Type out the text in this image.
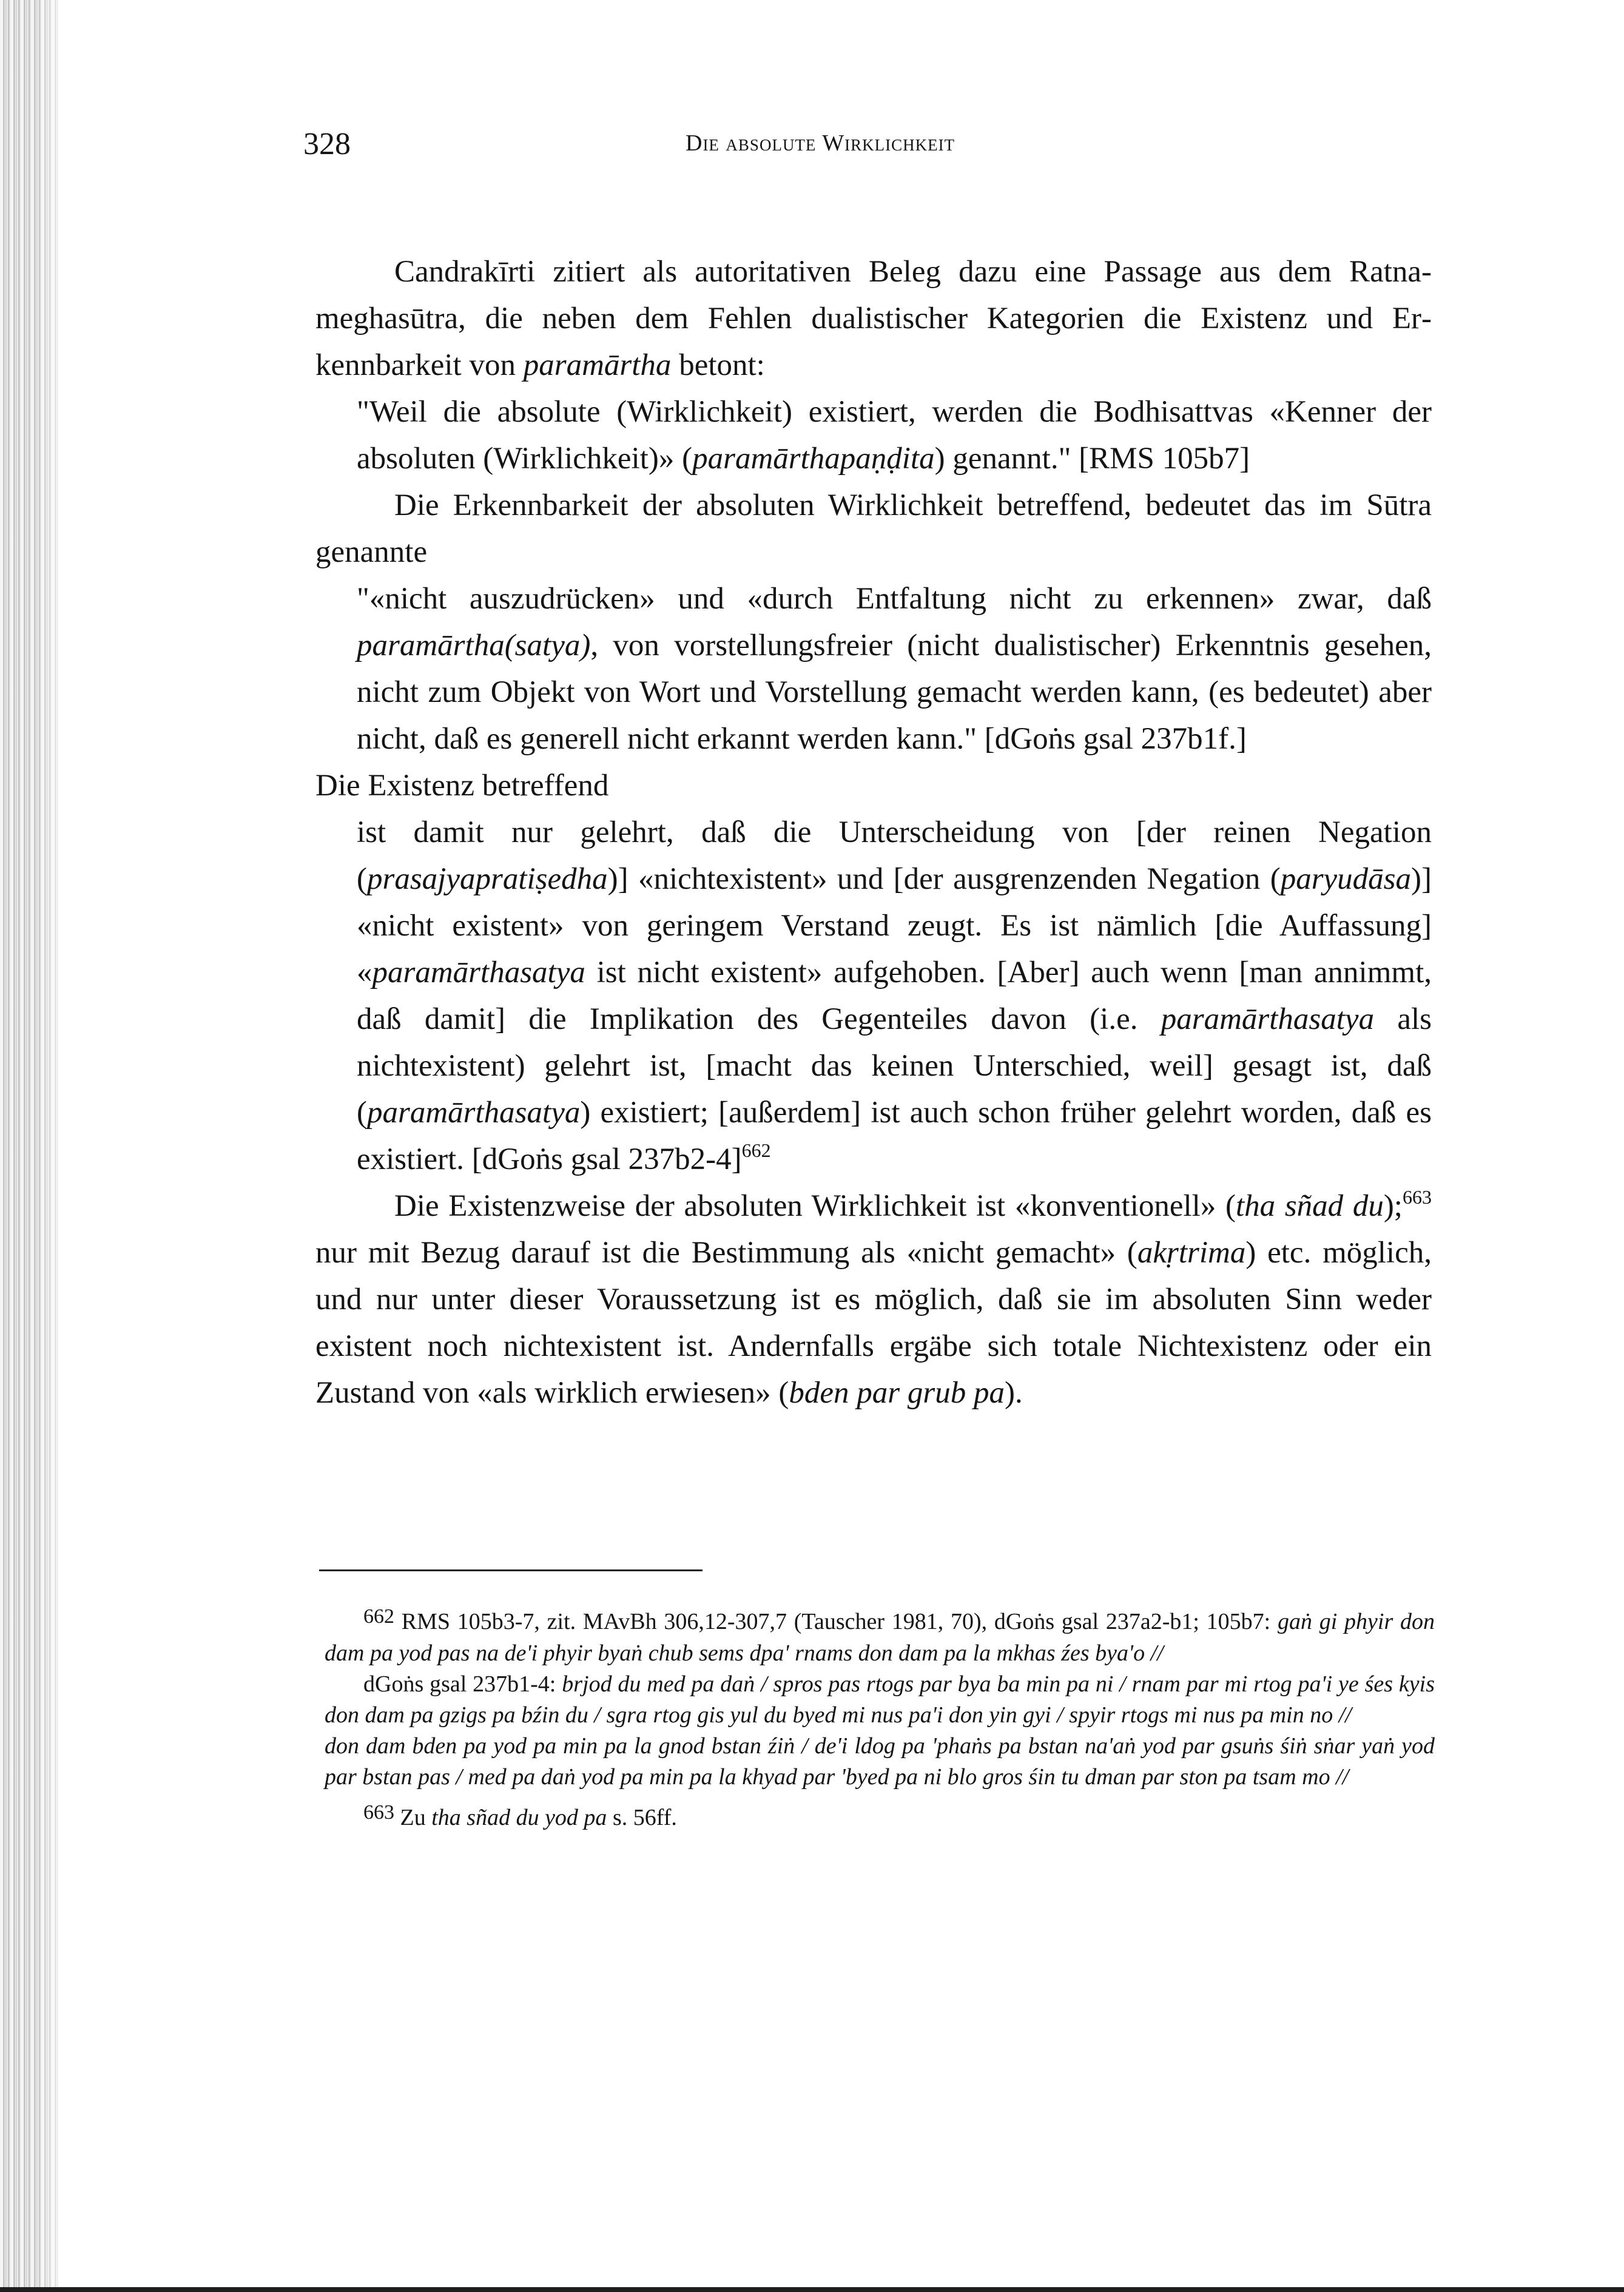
328	Die absolute Wirklichkeit

Candrakīrti zitiert als autoritativen Beleg dazu eine Passage aus dem Ratnameghasūtra, die neben dem Fehlen dualistischer Kategorien die Existenz und Erkennbarkeit von paramārtha betont:

"Weil die absolute (Wirklichkeit) existiert, werden die Bodhisattvas «Kenner der absoluten (Wirklichkeit)» (paramārthapaṇḍita) genannt." [RMS 105b7]

Die Erkennbarkeit der absoluten Wirklichkeit betreffend, bedeutet das im Sūtra genannte

"«nicht auszudrücken» und «durch Entfaltung nicht zu erkennen» zwar, daß paramārtha(satya), von vorstellungsfreier (nicht dualistischer) Erkenntnis gesehen, nicht zum Objekt von Wort und Vorstellung gemacht werden kann, (es bedeutet) aber nicht, daß es generell nicht erkannt werden kann." [dGoṅs gsal 237b1f.]

Die Existenz betreffend

ist damit nur gelehrt, daß die Unterscheidung von [der reinen Negation (prasajyapratiṣedha)] «nichtexistent» und [der ausgrenzenden Negation (paryudāsa)] «nicht existent» von geringem Verstand zeugt. Es ist nämlich [die Auffassung] «paramārthasatya ist nicht existent» aufgehoben. [Aber] auch wenn [man annimmt, daß damit] die Implikation des Gegenteiles davon (i.e. paramārthasatya als nichtexistent) gelehrt ist, [macht das keinen Unterschied, weil] gesagt ist, daß (paramārthasatya) existiert; [außerdem] ist auch schon früher gelehrt worden, daß es existiert. [dGoṅs gsal 237b2-4]$^{662}$

Die Existenzweise der absoluten Wirklichkeit ist «konventionell» (tha sñad du);$^{663}$ nur mit Bezug darauf ist die Bestimmung als «nicht gemacht» (akṛtrima) etc. möglich, und nur unter dieser Voraussetzung ist es möglich, daß sie im absoluten Sinn weder existent noch nichtexistent ist. Andernfalls ergäbe sich totale Nichtexistenz oder ein Zustand von «als wirklich erwiesen» (bden par grub pa).

662 RMS 105b3-7, zit. MAvBh 306,12-307,7 (Tauscher 1981, 70), dGoṅs gsal 237a2-b1; 105b7: gaṅ gi phyir don dam pa yod pas na de'i phyir byaṅ chub sems dpa' rnams don dam pa la mkhas źes bya'o //

dGoṅs gsal 237b1-4: brjod du med pa daṅ / spros pas rtogs par bya ba min pa ni / rnam par mi rtog pa'i ye śes kyis don dam pa gzigs pa bźin du / sgra rtog gis yul du byed mi nus pa'i don yin gyi / spyir rtogs mi nus pa min no //

don dam bden pa yod pa min pa la gnod bstan źiṅ / de'i ldog pa 'phaṅs pa bstan na'aṅ yod par gsuṅs śiṅ sṅar yaṅ yod par bstan pas / med pa daṅ yod pa min pa la khyad par 'byed pa ni blo gros śin tu dman par ston pa tsam mo //

663 Zu tha sñad du yod pa s. 56ff.
